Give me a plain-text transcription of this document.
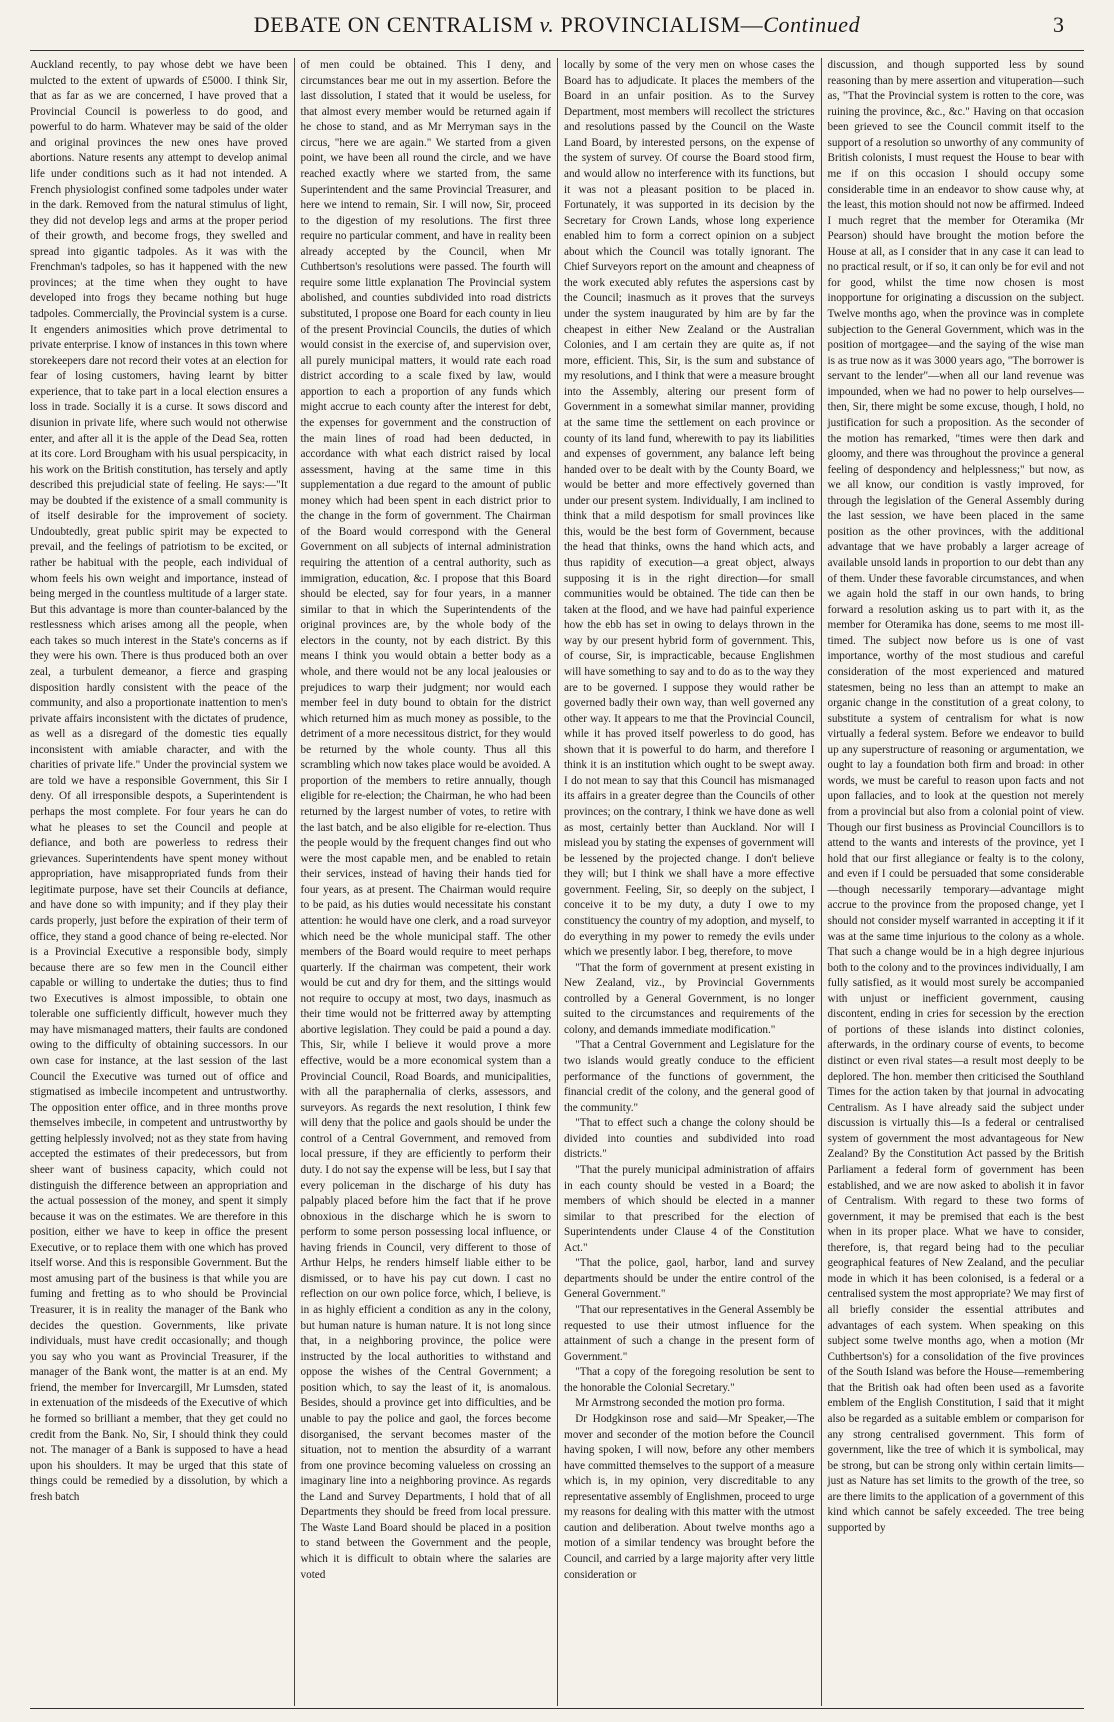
DEBATE ON CENTRALISM v. PROVINCIALISM—Continued	3

Auckland recently, to pay whose debt we have been mulcted to the extent of upwards of £5000. I think Sir, that as far as we are concerned, I have proved that a Provincial Council is powerless to do good, and powerful to do harm. Whatever may be said of the older and original provinces the new ones have proved abortions. Nature resents any attempt to develop animal life under conditions such as it had not intended. A French physiologist confined some tadpoles under water in the dark. Removed from the natural stimulus of light, they did not develop legs and arms at the proper period of their growth, and become frogs, they swelled and spread into gigantic tadpoles. As it was with the Frenchman's tadpoles, so has it happened with the new provinces; at the time when they ought to have developed into frogs they became nothing but huge tadpoles. Commercially, the Provincial system is a curse. It engenders animosities which prove detrimental to private enterprise. I know of instances in this town where storekeepers dare not record their votes at an election for fear of losing customers, having learnt by bitter experience, that to take part in a local election ensures a loss in trade. Socially it is a curse. It sows discord and disunion in private life, where such would not otherwise enter, and after all it is the apple of the Dead Sea, rotten at its core. Lord Brougham with his usual perspicacity, in his work on the British constitution, has tersely and aptly described this prejudicial state of feeling. He says:—"It may be doubted if the existence of a small community is of itself desirable for the improvement of society. Undoubtedly, great public spirit may be expected to prevail, and the feelings of patriotism to be excited, or rather be habitual with the people, each individual of whom feels his own weight and importance, instead of being merged in the countless multitude of a larger state. But this advantage is more than counter-balanced by the restlessness which arises among all the people, when each takes so much interest in the State's concerns as if they were his own. There is thus produced both an over zeal, a turbulent demeanor, a fierce and grasping disposition hardly consistent with the peace of the community, and also a proportionate inattention to men's private affairs inconsistent with the dictates of prudence, as well as a disregard of the domestic ties equally inconsistent with amiable character, and with the charities of private life." Under the provincial system we are told we have a responsible Government, this Sir I deny. Of all irresponsible despots, a Superintendent is perhaps the most complete. For four years he can do what he pleases to set the Council and people at defiance, and both are powerless to redress their grievances. Superintendents have spent money without appropriation, have misappropriated funds from their legitimate purpose, have set their Councils at defiance, and have done so with impunity; and if they play their cards properly, just before the expiration of their term of office, they stand a good chance of being re-elected. Nor is a Provincial Executive a responsible body, simply because there are so few men in the Council either capable or willing to undertake the duties; thus to find two Executives is almost impossible, to obtain one tolerable one sufficiently difficult, however much they may have mismanaged matters, their faults are condoned owing to the difficulty of obtaining successors. In our own case for instance, at the last session of the last Council the Executive was turned out of office and stigmatised as imbecile incompetent and untrustworthy. The opposition enter office, and in three months prove themselves imbecile, in competent and untrustworthy by getting helplessly involved; not as they state from having accepted the estimates of their predecessors, but from sheer want of business capacity, which could not distinguish the difference between an appropriation and the actual possession of the money, and spent it simply because it was on the estimates. We are therefore in this position, either we have to keep in office the present Executive, or to replace them with one which has proved itself worse. And this is responsible Government. But the most amusing part of the business is that while you are fuming and fretting as to who should be Provincial Treasurer, it is in reality the manager of the Bank who decides the question. Governments, like private individuals, must have credit occasionally; and though you say who you want as Provincial Treasurer, if the manager of the Bank wont, the matter is at an end. My friend, the member for Invercargill, Mr Lumsden, stated in extenuation of the misdeeds of the Executive of which he formed so brilliant a member, that they get could no credit from the Bank. No, Sir, I should think they could not. The manager of a Bank is supposed to have a head upon his shoulders. It may be urged that this state of things could be remedied by a dissolution, by which a fresh batch

of men could be obtained. This I deny, and circumstances bear me out in my assertion. Before the last dissolution, I stated that it would be useless, for that almost every member would be returned again if he chose to stand, and as Mr Merryman says in the circus, "here we are again." We started from a given point, we have been all round the circle, and we have reached exactly where we started from, the same Superintendent and the same Provincial Treasurer, and here we intend to remain, Sir. I will now, Sir, proceed to the digestion of my resolutions. The first three require no particular comment, and have in reality been already accepted by the Council, when Mr Cuthbertson's resolutions were passed. The fourth will require some little explanation The Provincial system abolished, and counties subdivided into road districts substituted, I propose one Board for each county in lieu of the present Provincial Councils, the duties of which would consist in the exercise of, and supervision over, all purely municipal matters, it would rate each road district according to a scale fixed by law, would apportion to each a proportion of any funds which might accrue to each county after the interest for debt, the expenses for government and the construction of the main lines of road had been deducted, in accordance with what each district raised by local assessment, having at the same time in this supplementation a due regard to the amount of public money which had been spent in each district prior to the change in the form of government. The Chairman of the Board would correspond with the General Government on all subjects of internal administration requiring the attention of a central authority, such as immigration, education, &c. I propose that this Board should be elected, say for four years, in a manner similar to that in which the Superintendents of the original provinces are, by the whole body of the electors in the county, not by each district. By this means I think you would obtain a better body as a whole, and there would not be any local jealousies or prejudices to warp their judgment; nor would each member feel in duty bound to obtain for the district which returned him as much money as possible, to the detriment of a more necessitous district, for they would be returned by the whole county. Thus all this scrambling which now takes place would be avoided. A proportion of the members to retire annually, though eligible for re-election; the Chairman, he who had been returned by the largest number of votes, to retire with the last batch, and be also eligible for re-election. Thus the people would by the frequent changes find out who were the most capable men, and be enabled to retain their services, instead of having their hands tied for four years, as at present. The Chairman would require to be paid, as his duties would necessitate his constant attention: he would have one clerk, and a road surveyor which need be the whole municipal staff. The other members of the Board would require to meet perhaps quarterly. If the chairman was competent, their work would be cut and dry for them, and the sittings would not require to occupy at most, two days, inasmuch as their time would not be fritterred away by attempting abortive legislation. They could be paid a pound a day. This, Sir, while I believe it would prove a more effective, would be a more economical system than a Provincial Council, Road Boards, and municipalities, with all the paraphernalia of clerks, assessors, and surveyors. As regards the next resolution, I think few will deny that the police and gaols should be under the control of a Central Government, and removed from local pressure, if they are efficiently to perform their duty. I do not say the expense will be less, but I say that every policeman in the discharge of his duty has palpably placed before him the fact that if he prove obnoxious in the discharge which he is sworn to perform to some person possessing local influence, or having friends in Council, very different to those of Arthur Helps, he renders himself liable either to be dismissed, or to have his pay cut down. I cast no reflection on our own police force, which, I believe, is in as highly efficient a condition as any in the colony, but human nature is human nature. It is not long since that, in a neighboring province, the police were instructed by the local authorities to withstand and oppose the wishes of the Central Government; a position which, to say the least of it, is anomalous. Besides, should a province get into difficulties, and be unable to pay the police and gaol, the forces become disorganised, the servant becomes master of the situation, not to mention the absurdity of a warrant from one province becoming valueless on crossing an imaginary line into a neighboring province. As regards the Land and Survey Departments, I hold that of all Departments they should be freed from local pressure. The Waste Land Board should be placed in a position to stand between the Government and the people, which it is difficult to obtain where the salaries are voted

locally by some of the very men on whose cases the Board has to adjudicate. It places the members of the Board in an unfair position. As to the Survey Department, most members will recollect the strictures and resolutions passed by the Council on the Waste Land Board, by interested persons, on the expense of the system of survey. Of course the Board stood firm, and would allow no interference with its functions, but it was not a pleasant position to be placed in. Fortunately, it was supported in its decision by the Secretary for Crown Lands, whose long experience enabled him to form a correct opinion on a subject about which the Council was totally ignorant. The Chief Surveyors report on the amount and cheapness of the work executed ably refutes the aspersions cast by the Council; inasmuch as it proves that the surveys under the system inaugurated by him are by far the cheapest in either New Zealand or the Australian Colonies, and I am certain they are quite as, if not more, efficient. This, Sir, is the sum and substance of my resolutions, and I think that were a measure brought into the Assembly, altering our present form of Government in a somewhat similar manner, providing at the same time the settlement on each province or county of its land fund, wherewith to pay its liabilities and expenses of government, any balance left being handed over to be dealt with by the County Board, we would be better and more effectively governed than under our present system. Individually, I am inclined to think that a mild despotism for small provinces like this, would be the best form of Government, because the head that thinks, owns the hand which acts, and thus rapidity of execution—a great object, always supposing it is in the right direction—for small communities would be obtained. The tide can then be taken at the flood, and we have had painful experience how the ebb has set in owing to delays thrown in the way by our present hybrid form of government. This, of course, Sir, is impracticable, because Englishmen will have something to say and to do as to the way they are to be governed. I suppose they would rather be governed badly their own way, than well governed any other way. It appears to me that the Provincial Council, while it has proved itself powerless to do good, has shown that it is powerful to do harm, and therefore I think it is an institution which ought to be swept away. I do not mean to say that this Council has mismanaged its affairs in a greater degree than the Councils of other provinces; on the contrary, I think we have done as well as most, certainly better than Auckland. Nor will I mislead you by stating the expenses of government will be lessened by the projected change. I don't believe they will; but I think we shall have a more effective government. Feeling, Sir, so deeply on the subject, I conceive it to be my duty, a duty I owe to my constituency the country of my adoption, and myself, to do everything in my power to remedy the evils under which we presently labor. I beg, therefore, to move

"That the form of government at present existing in New Zealand, viz., by Provincial Governments controlled by a General Government, is no longer suited to the circumstances and requirements of the colony, and demands immediate modification."

"That a Central Government and Legislature for the two islands would greatly conduce to the efficient performance of the functions of government, the financial credit of the colony, and the general good of the community."

"That to effect such a change the colony should be divided into counties and subdivided into road districts."

"That the purely municipal administration of affairs in each county should be vested in a Board; the members of which should be elected in a manner similar to that prescribed for the election of Superintendents under Clause 4 of the Constitution Act."

"That the police, gaol, harbor, land and survey departments should be under the entire control of the General Government."

"That our representatives in the General Assembly be requested to use their utmost influence for the attainment of such a change in the present form of Government."

"That a copy of the foregoing resolution be sent to the honorable the Colonial Secretary."

Mr Armstrong seconded the motion pro forma.

Dr Hodgkinson rose and said—Mr Speaker,—The mover and seconder of the motion before the Council having spoken, I will now, before any other members have committed themselves to the support of a measure which is, in my opinion, very discreditable to any representative assembly of Englishmen, proceed to urge my reasons for dealing with this matter with the utmost caution and deliberation. About twelve months ago a motion of a similar tendency was brought before the Council, and carried by a large majority after very little consideration or

discussion, and though supported less by sound reasoning than by mere assertion and vituperation—such as, "That the Provincial system is rotten to the core, was ruining the province, &c., &c." Having on that occasion been grieved to see the Council commit itself to the support of a resolution so unworthy of any community of British colonists, I must request the House to bear with me if on this occasion I should occupy some considerable time in an endeavor to show cause why, at the least, this motion should not now be affirmed. Indeed I much regret that the member for Oteramika (Mr Pearson) should have brought the motion before the House at all, as I consider that in any case it can lead to no practical result, or if so, it can only be for evil and not for good, whilst the time now chosen is most inopportune for originating a discussion on the subject. Twelve months ago, when the province was in complete subjection to the General Government, which was in the position of mortgagee—and the saying of the wise man is as true now as it was 3000 years ago, "The borrower is servant to the lender"—when all our land revenue was impounded, when we had no power to help ourselves—then, Sir, there might be some excuse, though, I hold, no justification for such a proposition. As the seconder of the motion has remarked, "times were then dark and gloomy, and there was throughout the province a general feeling of despondency and helplessness;" but now, as we all know, our condition is vastly improved, for through the legislation of the General Assembly during the last session, we have been placed in the same position as the other provinces, with the additional advantage that we have probably a larger acreage of available unsold lands in proportion to our debt than any of them. Under these favorable circumstances, and when we again hold the staff in our own hands, to bring forward a resolution asking us to part with it, as the member for Oteramika has done, seems to me most ill-timed. The subject now before us is one of vast importance, worthy of the most studious and careful consideration of the most experienced and matured statesmen, being no less than an attempt to make an organic change in the constitution of a great colony, to substitute a system of centralism for what is now virtually a federal system. Before we endeavor to build up any superstructure of reasoning or argumentation, we ought to lay a foundation both firm and broad: in other words, we must be careful to reason upon facts and not upon fallacies, and to look at the question not merely from a provincial but also from a colonial point of view. Though our first business as Provincial Councillors is to attend to the wants and interests of the province, yet I hold that our first allegiance or fealty is to the colony, and even if I could be persuaded that some considerable—though necessarily temporary—advantage might accrue to the province from the proposed change, yet I should not consider myself warranted in accepting it if it was at the same time injurious to the colony as a whole. That such a change would be in a high degree injurious both to the colony and to the provinces individually, I am fully satisfied, as it would most surely be accompanied with unjust or inefficient government, causing discontent, ending in cries for secession by the erection of portions of these islands into distinct colonies, afterwards, in the ordinary course of events, to become distinct or even rival states—a result most deeply to be deplored. The hon. member then criticised the Southland Times for the action taken by that journal in advocating Centralism. As I have already said the subject under discussion is virtually this—Is a federal or centralised system of government the most advantageous for New Zealand? By the Constitution Act passed by the British Parliament a federal form of government has been established, and we are now asked to abolish it in favor of Centralism. With regard to these two forms of government, it may be premised that each is the best when in its proper place. What we have to consider, therefore, is, that regard being had to the peculiar geographical features of New Zealand, and the peculiar mode in which it has been colonised, is a federal or a centralised system the most appropriate? We may first of all briefly consider the essential attributes and advantages of each system. When speaking on this subject some twelve months ago, when a motion (Mr Cuthbertson's) for a consolidation of the five provinces of the South Island was before the House—remembering that the British oak had often been used as a favorite emblem of the English Constitution, I said that it might also be regarded as a suitable emblem or comparison for any strong centralised government. This form of government, like the tree of which it is symbolical, may be strong, but can be strong only within certain limits—just as Nature has set limits to the growth of the tree, so are there limits to the application of a government of this kind which cannot be safely exceeded. The tree being supported by
